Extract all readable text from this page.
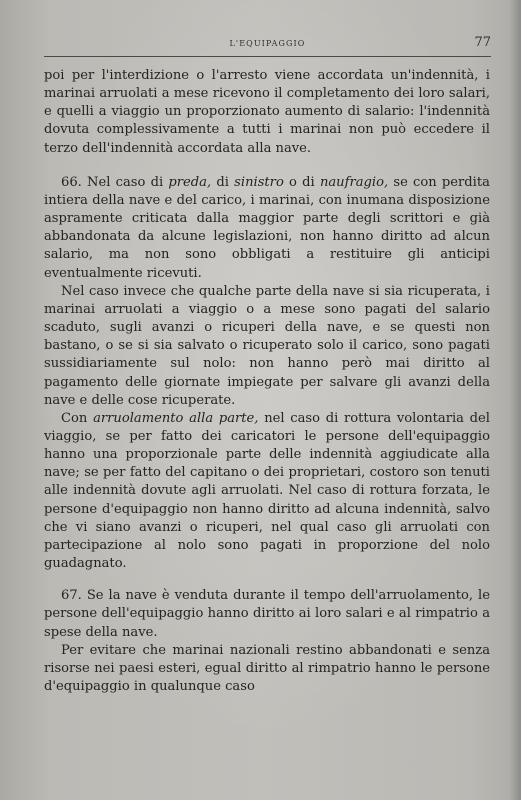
L'EQUIPAGGIO	77

poi per l'interdizione o l'arresto viene accordata un'indennità, i marinai arruolati a mese ricevono il completamento dei loro salari, e quelli a viaggio un proporzionato aumento di salario: l'indennità dovuta complessivamente a tutti i marinai non può eccedere il terzo dell'indennità accordata alla nave.

66. Nel caso di preda, di sinistro o di naufragio, se con perdita intiera della nave e del carico, i marinai, con inumana disposizione aspramente criticata dalla maggior parte degli scrittori e già abbandonata da alcune legislazioni, non hanno diritto ad alcun salario, ma non sono obbligati a restituire gli anticipi eventualmente ricevuti.

Nel caso invece che qualche parte della nave si sia ricuperata, i marinai arruolati a viaggio o a mese sono pagati del salario scaduto, sugli avanzi o ricuperi della nave, e se questi non bastano, o se si sia salvato o ricuperato solo il carico, sono pagati sussidiariamente sul nolo: non hanno però mai diritto al pagamento delle giornate impiegate per salvare gli avanzi della nave e delle cose ricuperate.

Con arruolamento alla parte, nel caso di rottura volontaria del viaggio, se per fatto dei caricatori le persone dell'equipaggio hanno una proporzionale parte delle indennità aggiudicate alla nave; se per fatto del capitano o dei proprietari, costoro son tenuti alle indennità dovute agli arruolati. Nel caso di rottura forzata, le persone d'equipaggio non hanno diritto ad alcuna indennità, salvo che vi siano avanzi o ricuperi, nel qual caso gli arruolati con partecipazione al nolo sono pagati in proporzione del nolo guadagnato.

67. Se la nave è venduta durante il tempo dell'arruolamento, le persone dell'equipaggio hanno diritto ai loro salari e al rimpatrio a spese della nave.

Per evitare che marinai nazionali restino abbandonati e senza risorse nei paesi esteri, egual diritto al rimpatrio hanno le persone d'equipaggio in qualunque caso
